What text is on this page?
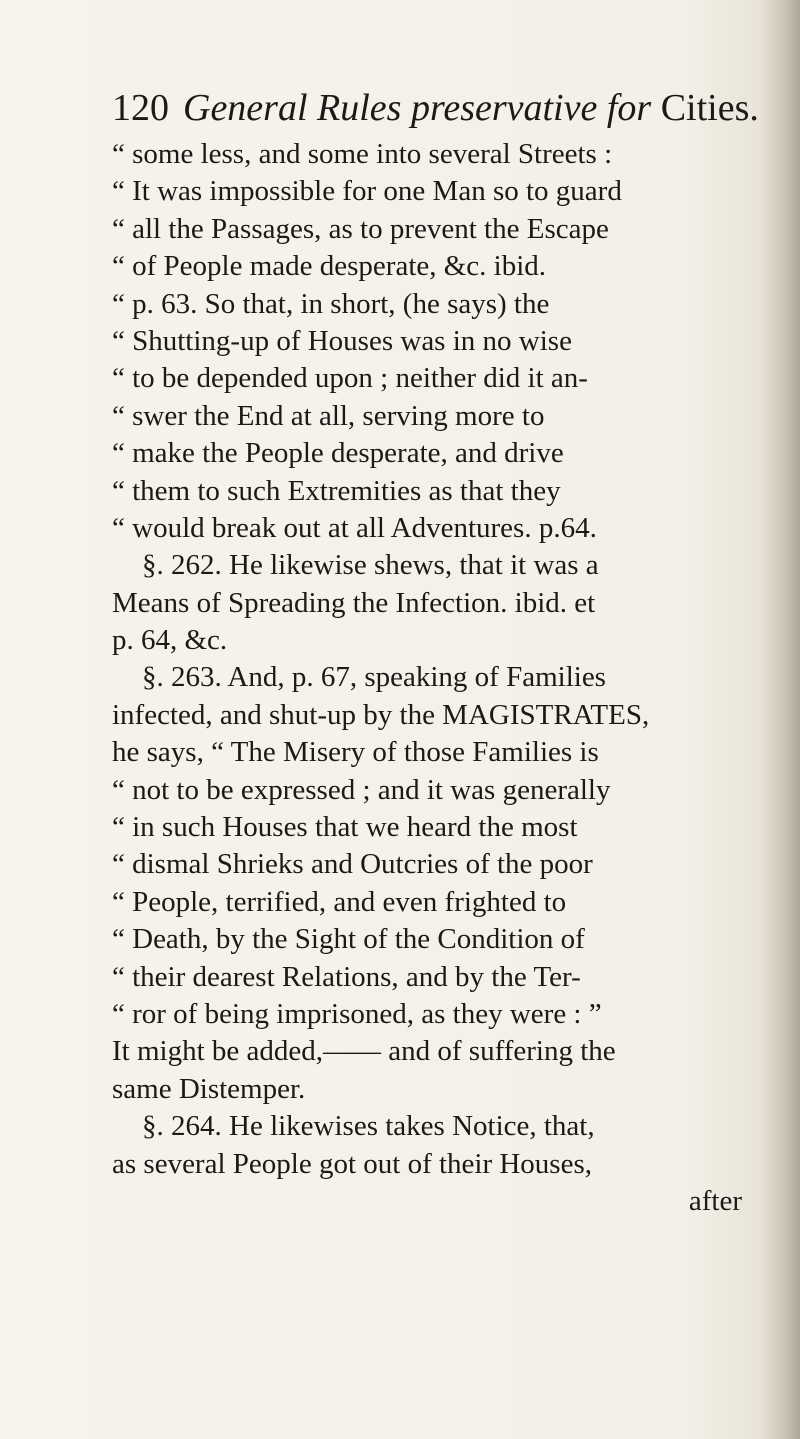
120 General Rules preservative for Cities.
“ some less, and some into several Streets :
“ It was impossible for one Man so to guard
“ all the Passages, as to prevent the Escape
“ of People made desperate, &c. ibid.
“ p. 63. So that, in short, (he says) the
“ Shutting-up of Houses was in no wise
“ to be depended upon ; neither did it an-
“ swer the End at all, serving more to
“ make the People desperate, and drive
“ them to such Extremities as that they
“ would break out at all Adventures. p.64.
§. 262. He likewise shews, that it was a
Means of Spreading the Infection. ibid. et
p. 64, &c.
§. 263. And, p. 67, speaking of Families
infected, and shut-up by the MAGISTRATES,
he says, “ The Misery of those Families is
“ not to be expressed ; and it was generally
“ in such Houses that we heard the most
“ dismal Shrieks and Outcries of the poor
“ People, terrified, and even frighted to
“ Death, by the Sight of the Condition of
“ their dearest Relations, and by the Ter-
“ ror of being imprisoned, as they were : ”
It might be added,—— and of suffering the
same Distemper.
§. 264. He likewises takes Notice, that,
as several People got out of their Houses,
after
